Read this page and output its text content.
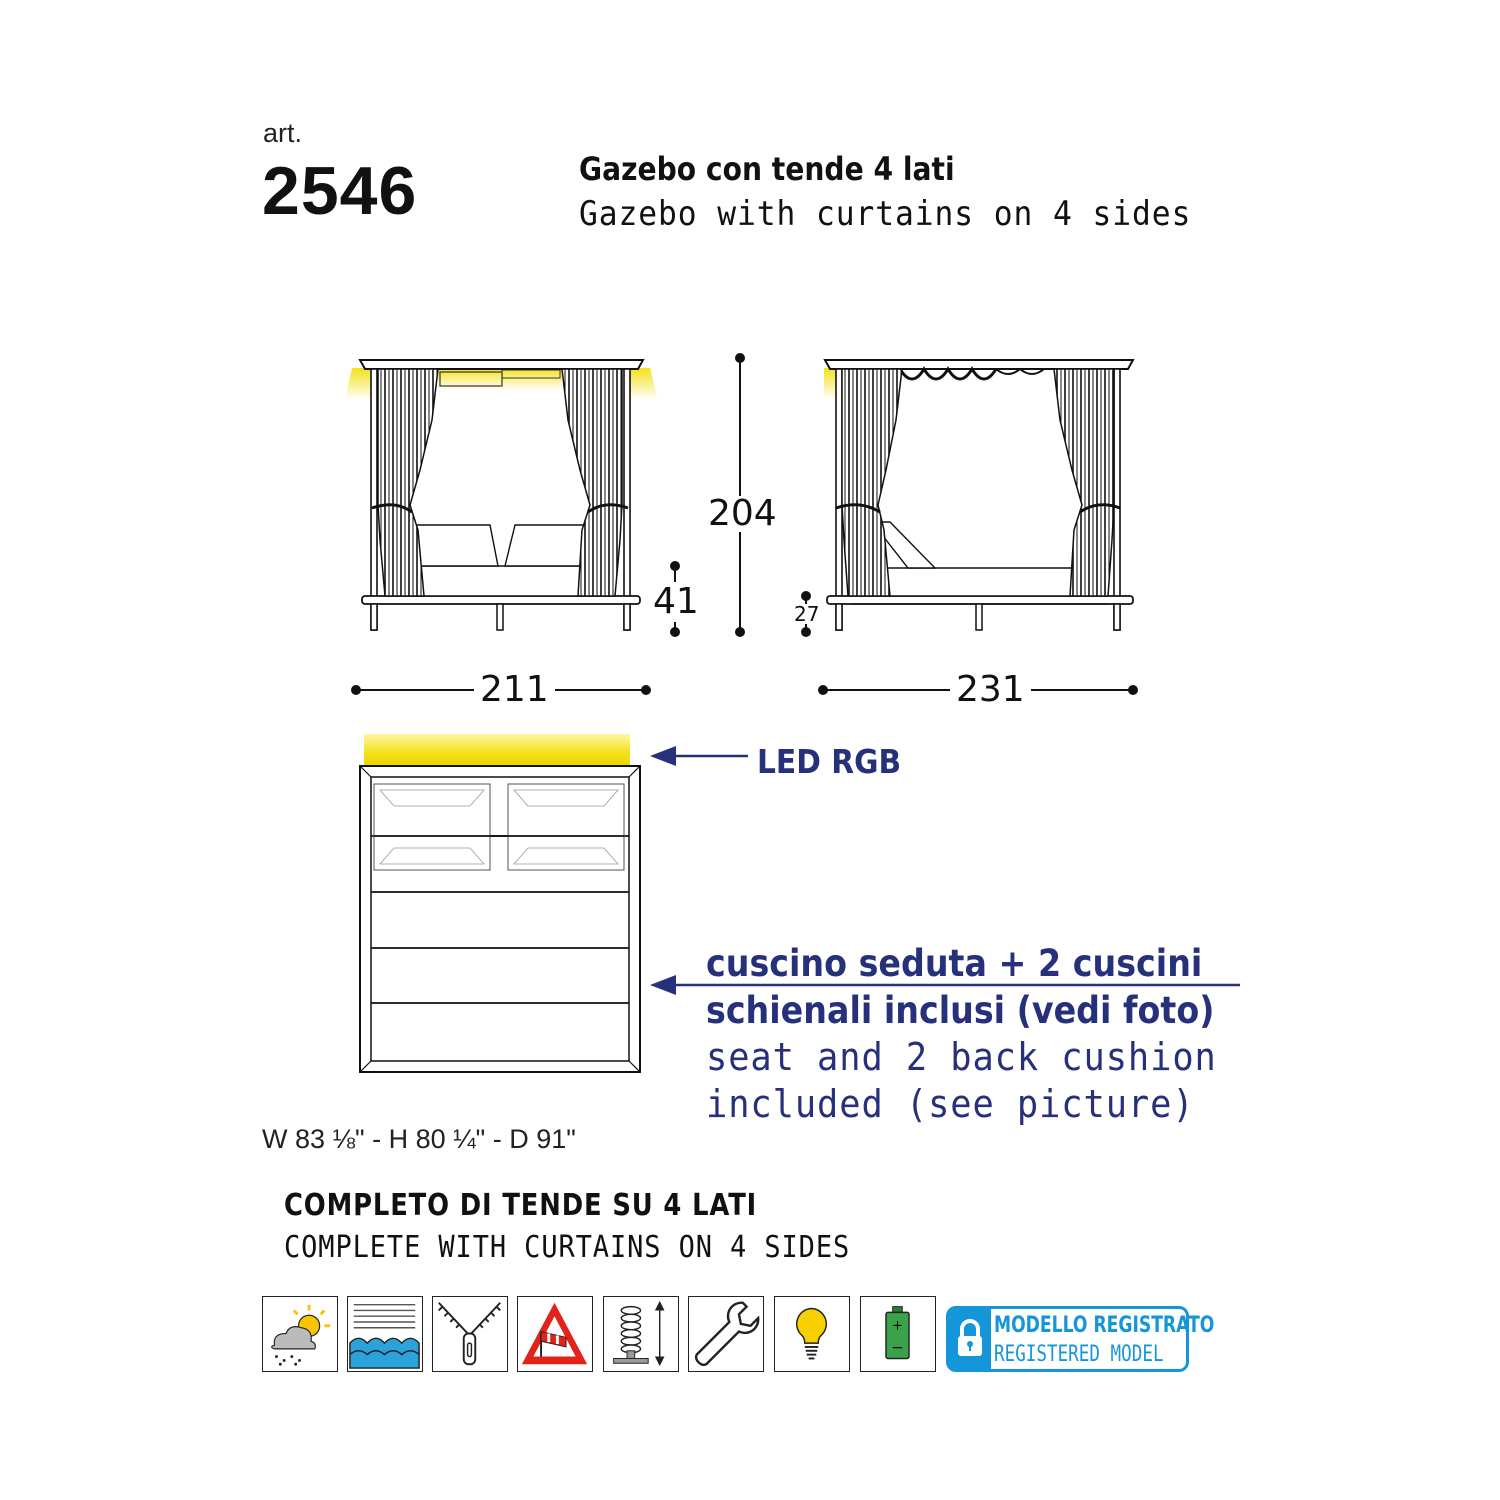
art.
2546	Gazebo con tende 4 lati
Gazebo with curtains on 4 sides
204
41	27
211	231
LED RGB
cuscino seduta + 2 cuscini
schienali inclusi (vedi foto)
seat and 2 back cushion
included (see picture)
W 83 ⅛" - H 80 ¼" - D 91"
COMPLETO DI TENDE SU 4 LATI
COMPLETE WITH CURTAINS ON 4 SIDES
+
−
MODELLO REGISTRATO
REGISTERED MODEL
